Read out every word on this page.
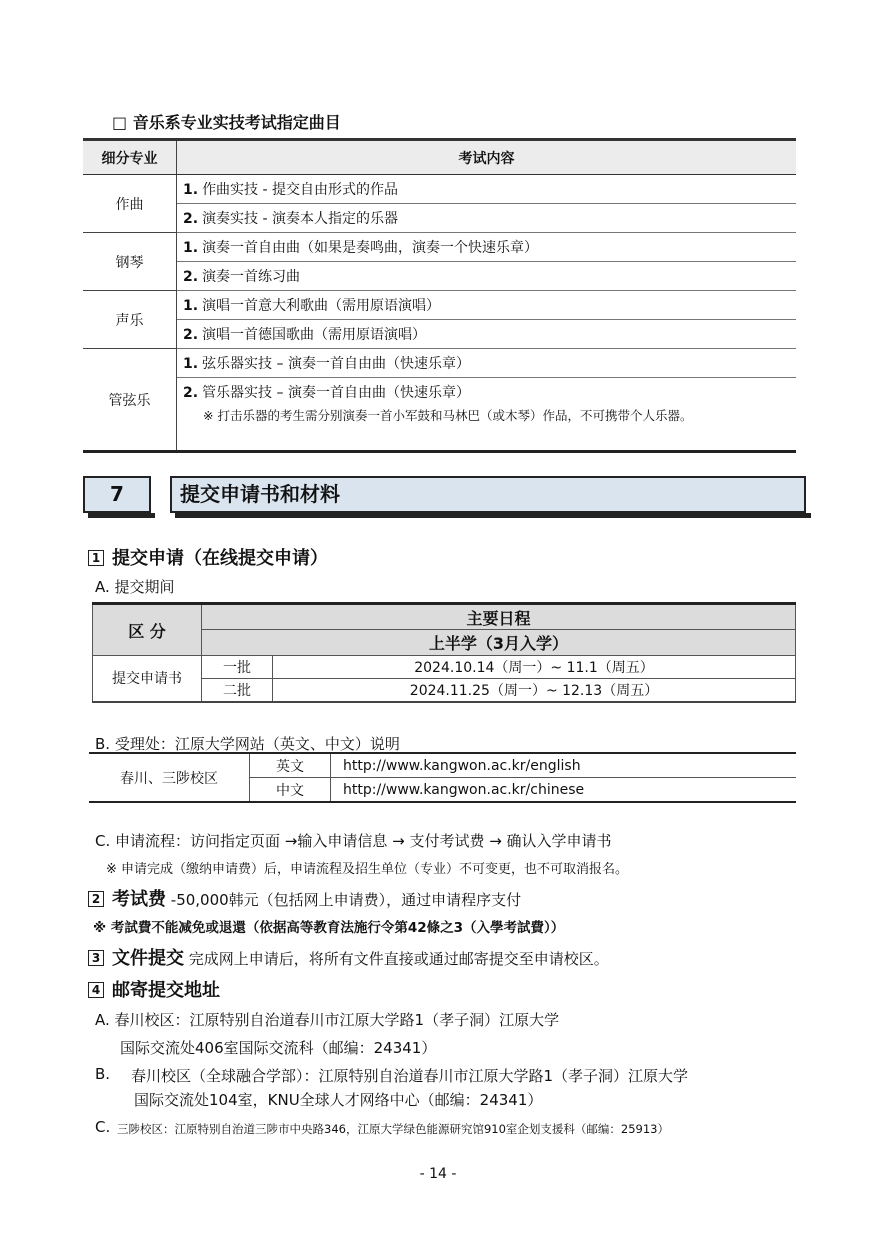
□ 音乐系专业实技考试指定曲目
细分专业	考试内容
作曲	1. 作曲实技 - 提交自由形式的作品
	2. 演奏实技 - 演奏本人指定的乐器
钢琴	1. 演奏一首自由曲（如果是奏鸣曲，演奏一个快速乐章）
	2. 演奏一首练习曲
声乐	1. 演唱一首意大利歌曲（需用原语演唱）
	2. 演唱一首德国歌曲（需用原语演唱）
管弦乐	1. 弦乐器实技 – 演奏一首自由曲（快速乐章）
	2. 管乐器实技 – 演奏一首自由曲（快速乐章）
※ 打击乐器的考生需分别演奏一首小军鼓和马林巴（或木琴）作品，不可携带个人乐器。
7	提交申请书和材料
1 提交申请（在线提交申请）
A. 提交期间
区 分	主要日程	
	上半学（3月入学）	
提交申请书	一批	2024.10.14（周一）~ 11.1（周五）
	二批	2024.11.25（周一）~ 12.13（周五）
B. 受理处：江原大学网站（英文、中文）说明
春川、三陟校区	英文	http://www.kangwon.ac.kr/english
	中文	http://www.kangwon.ac.kr/chinese
C. 申请流程：访问指定页面 →输入申请信息 → 支付考试费 → 确认入学申请书
※ 申请完成（缴纳申请费）后，申请流程及招生单位（专业）不可变更，也不可取消报名。
2 考试费 -50,000韩元（包括网上申请费），通过申请程序支付
※ 考試費不能减免或退還（依据高等教育法施行令第42條之3（入學考試費））
3 文件提交 完成网上申请后，将所有文件直接或通过邮寄提交至申请校区。
4 邮寄提交地址
A. 春川校区：江原特别自治道春川市江原大学路1（孝子洞）江原大学
国际交流处406室国际交流科（邮编：24341）
B. 春川校区（全球融合学部）：江原特别自治道春川市江原大学路1（孝子洞）江原大学
国际交流处104室，KNU全球人才网络中心（邮编：24341）
C. 三陟校区：江原特别自治道三陟市中央路346，江原大学绿色能源研究馆910室企划支援科（邮编：25913）
- 14 -
